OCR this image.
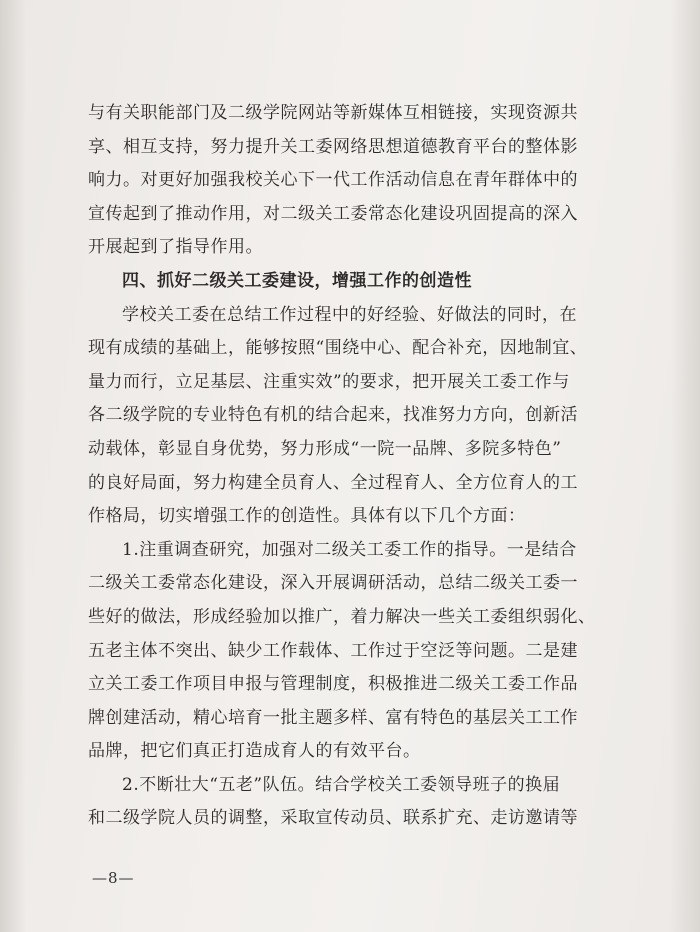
与有关职能部门及二级学院网站等新媒体互相链接，实现资源共
享、相互支持，努力提升关工委网络思想道德教育平台的整体影
响力。对更好加强我校关心下一代工作活动信息在青年群体中的
宣传起到了推动作用，对二级关工委常态化建设巩固提高的深入
开展起到了指导作用。
四、抓好二级关工委建设，增强工作的创造性
学校关工委在总结工作过程中的好经验、好做法的同时，在
现有成绩的基础上，能够按照“围绕中心、配合补充，因地制宜、
量力而行，立足基层、注重实效”的要求，把开展关工委工作与
各二级学院的专业特色有机的结合起来，找准努力方向，创新活
动载体，彰显自身优势，努力形成“一院一品牌、多院多特色”
的良好局面，努力构建全员育人、全过程育人、全方位育人的工
作格局，切实增强工作的创造性。具体有以下几个方面：
1.注重调查研究，加强对二级关工委工作的指导。一是结合
二级关工委常态化建设，深入开展调研活动，总结二级关工委一
些好的做法，形成经验加以推广，着力解决一些关工委组织弱化、
五老主体不突出、缺少工作载体、工作过于空泛等问题。二是建
立关工委工作项目申报与管理制度，积极推进二级关工委工作品
牌创建活动，精心培育一批主题多样、富有特色的基层关工工作
品牌，把它们真正打造成育人的有效平台。
2.不断壮大“五老”队伍。结合学校关工委领导班子的换届
和二级学院人员的调整，采取宣传动员、联系扩充、走访邀请等
—8—
